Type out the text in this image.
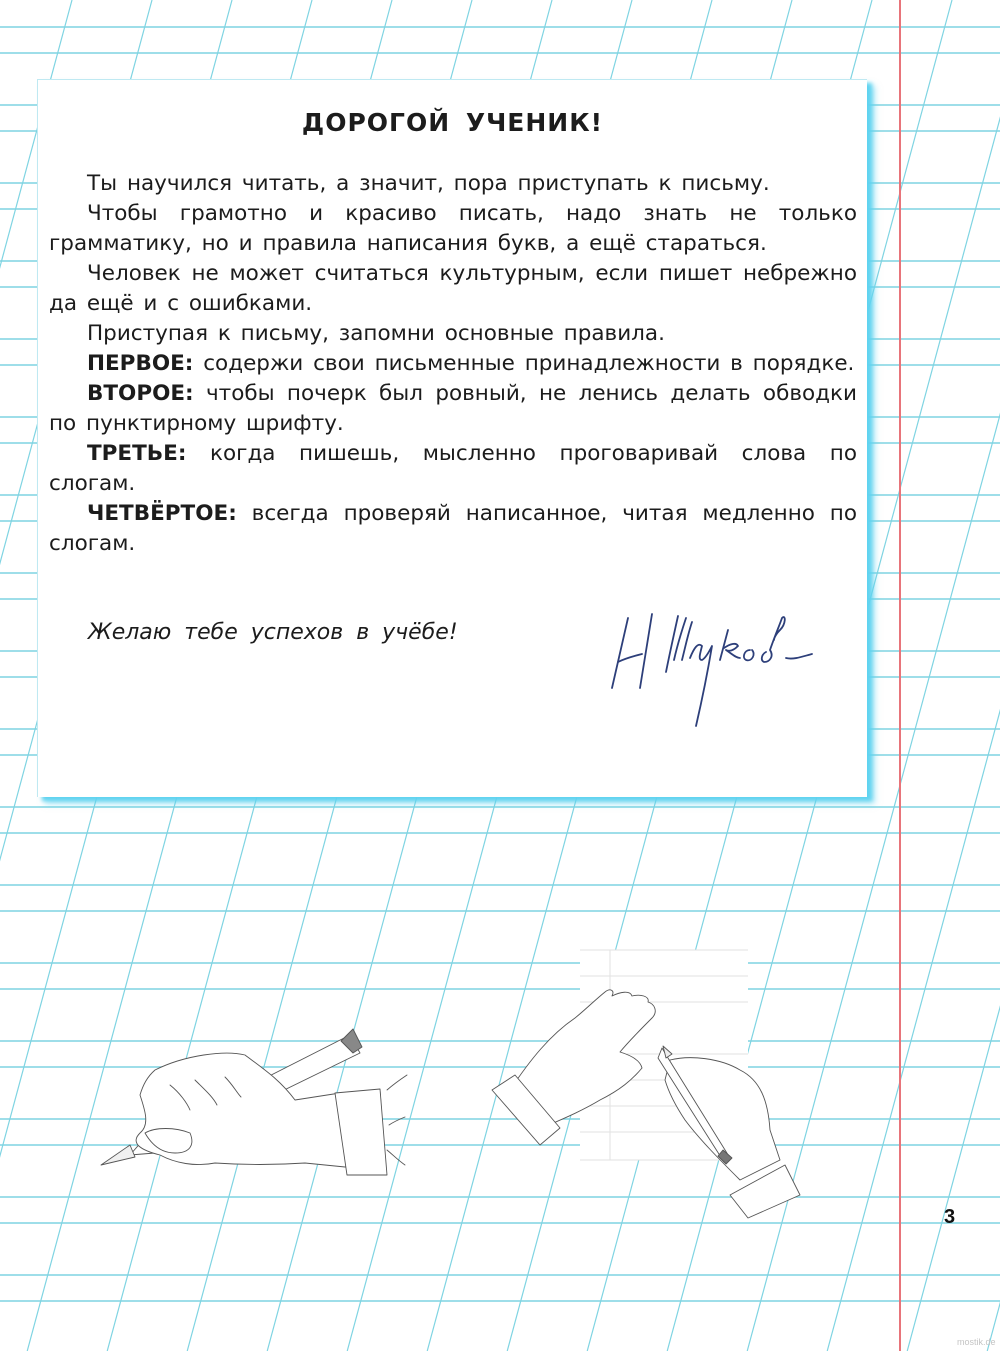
ДОРОГОЙ УЧЕНИК!

Ты научился читать, а значит, пора приступать к письму.

Чтобы грамотно и красиво писать, надо знать не только грамматику, но и правила написания букв, а ещё стараться.

Человек не может считаться культурным, если пишет небрежно да ещё и с ошибками.

Приступая к письму, запомни основные правила.

ПЕРВОЕ: содержи свои письменные принадлежности в порядке.

ВТОРОЕ: чтобы почерк был ровный, не ленись делать обводки по пунктирному шрифту.

ТРЕТЬЕ: когда пишешь, мысленно проговаривай слова по слогам.

ЧЕТВЁРТОЕ: всегда проверяй написанное, читая медленно по слогам.

Желаю тебе успехов в учёбе!
3
mostik.de
